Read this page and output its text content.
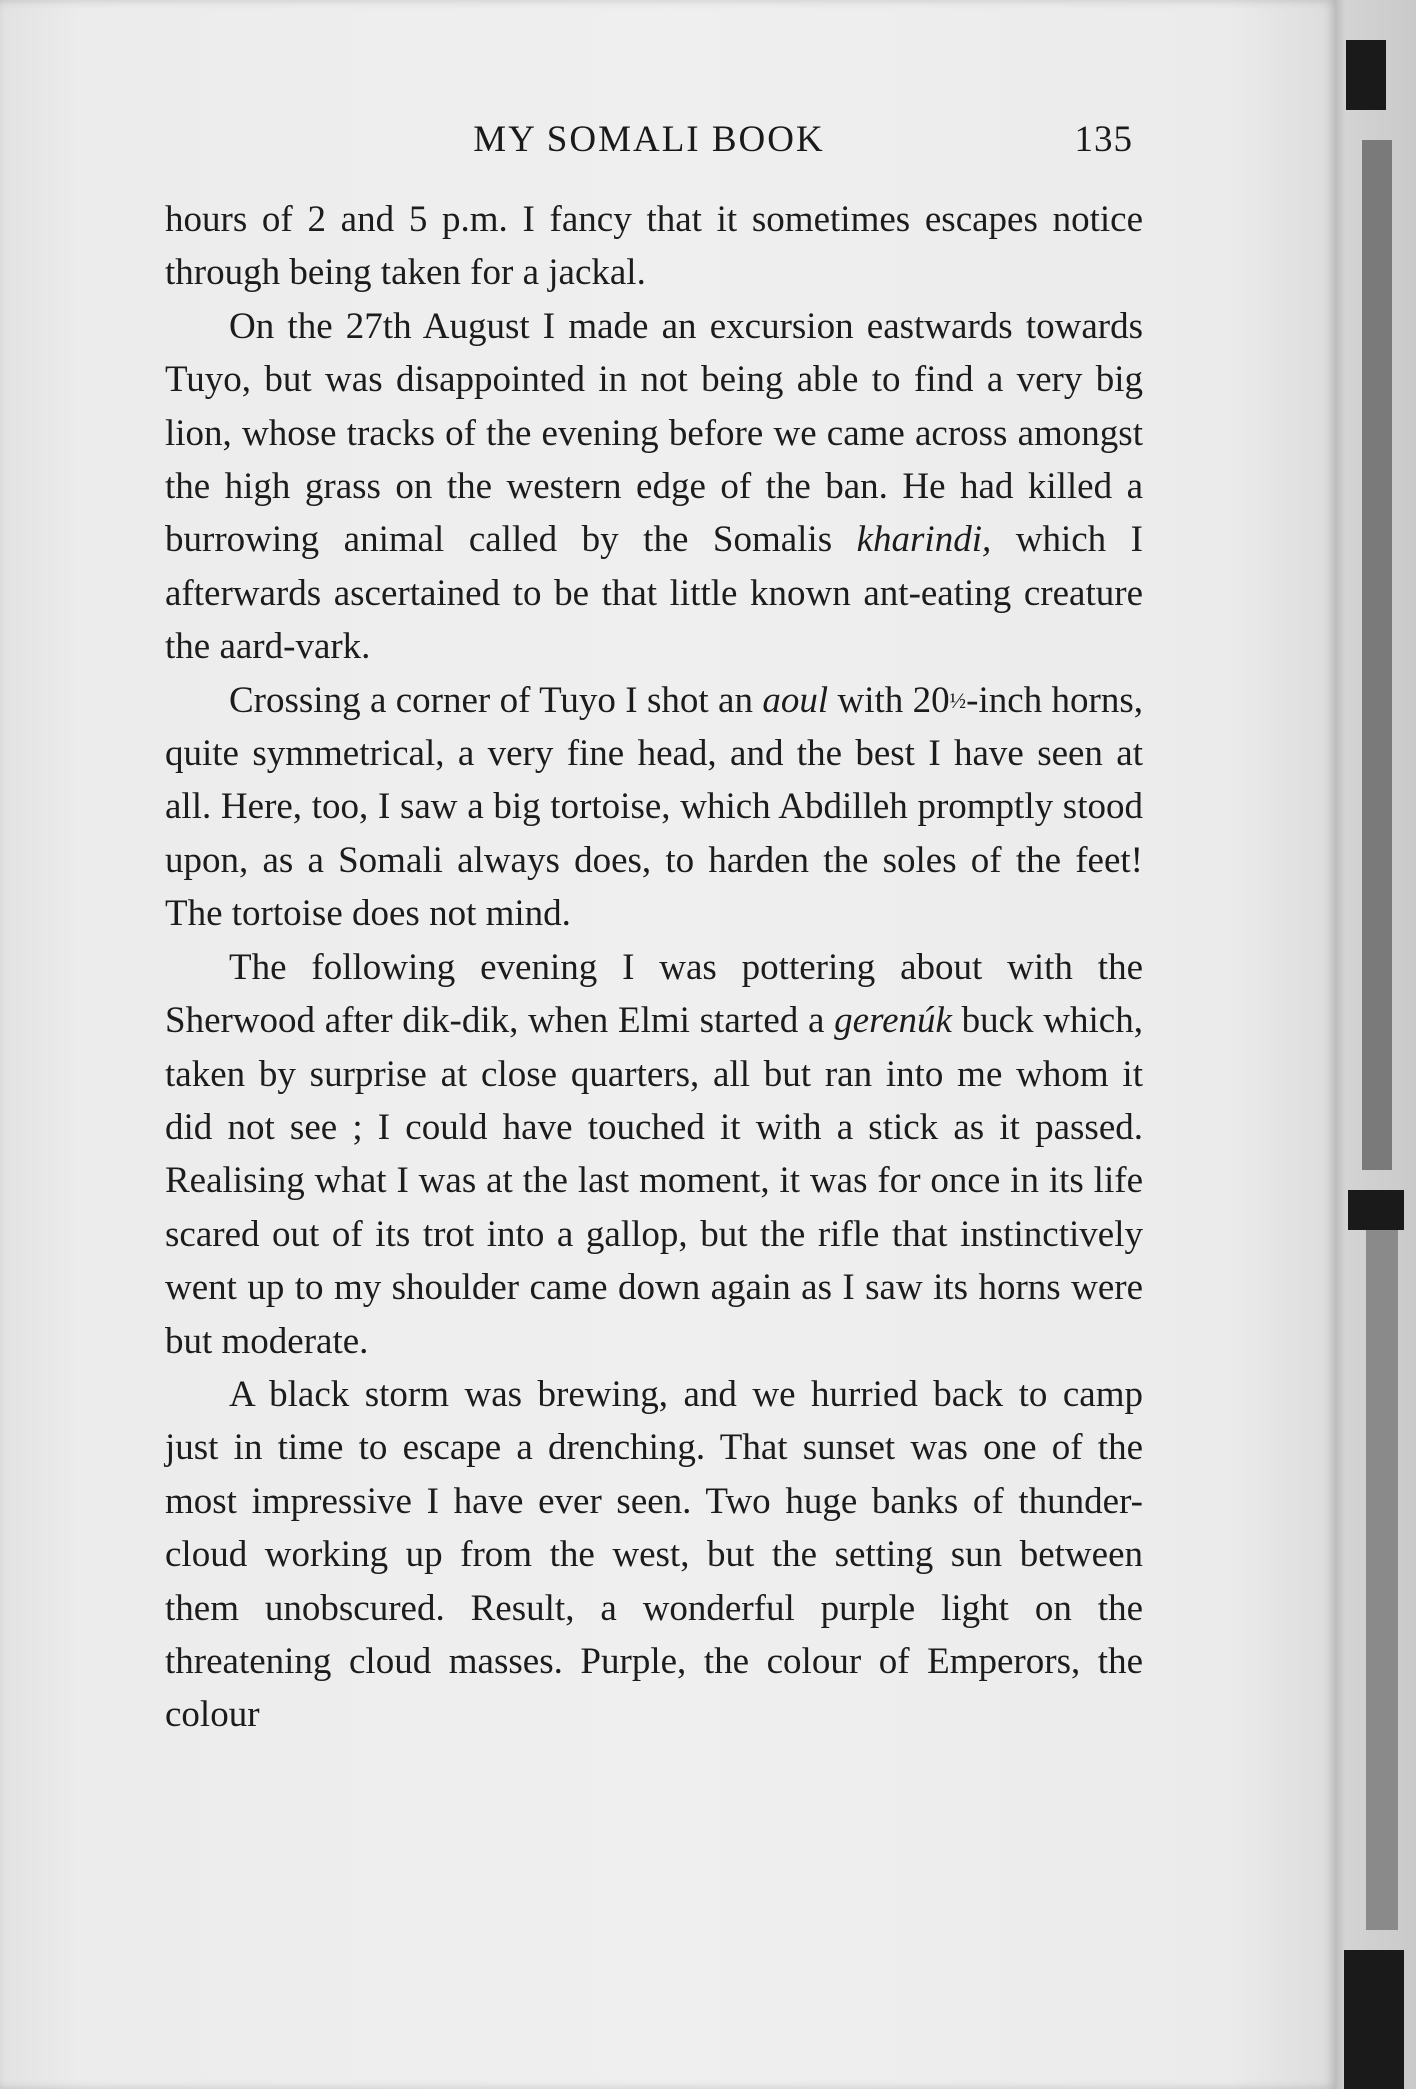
MY SOMALI BOOK	135

hours of 2 and 5 p.m. I fancy that it sometimes escapes notice through being taken for a jackal.

On the 27th August I made an excursion eastwards towards Tuyo, but was disappointed in not being able to find a very big lion, whose tracks of the evening before we came across amongst the high grass on the western edge of the ban. He had killed a burrowing animal called by the Somalis kharindi, which I afterwards ascertained to be that little known ant-eating creature the aard-vark.

Crossing a corner of Tuyo I shot an aoul with 20½-inch horns, quite symmetrical, a very fine head, and the best I have seen at all. Here, too, I saw a big tortoise, which Abdilleh promptly stood upon, as a Somali always does, to harden the soles of the feet! The tortoise does not mind.

The following evening I was pottering about with the Sherwood after dik-dik, when Elmi started a gerenúk buck which, taken by surprise at close quarters, all but ran into me whom it did not see ; I could have touched it with a stick as it passed. Realising what I was at the last moment, it was for once in its life scared out of its trot into a gallop, but the rifle that instinctively went up to my shoulder came down again as I saw its horns were but moderate.

A black storm was brewing, and we hurried back to camp just in time to escape a drenching. That sunset was one of the most impressive I have ever seen. Two huge banks of thunder-cloud working up from the west, but the setting sun between them unobscured. Result, a wonderful purple light on the threatening cloud masses. Purple, the colour of Emperors, the colour
